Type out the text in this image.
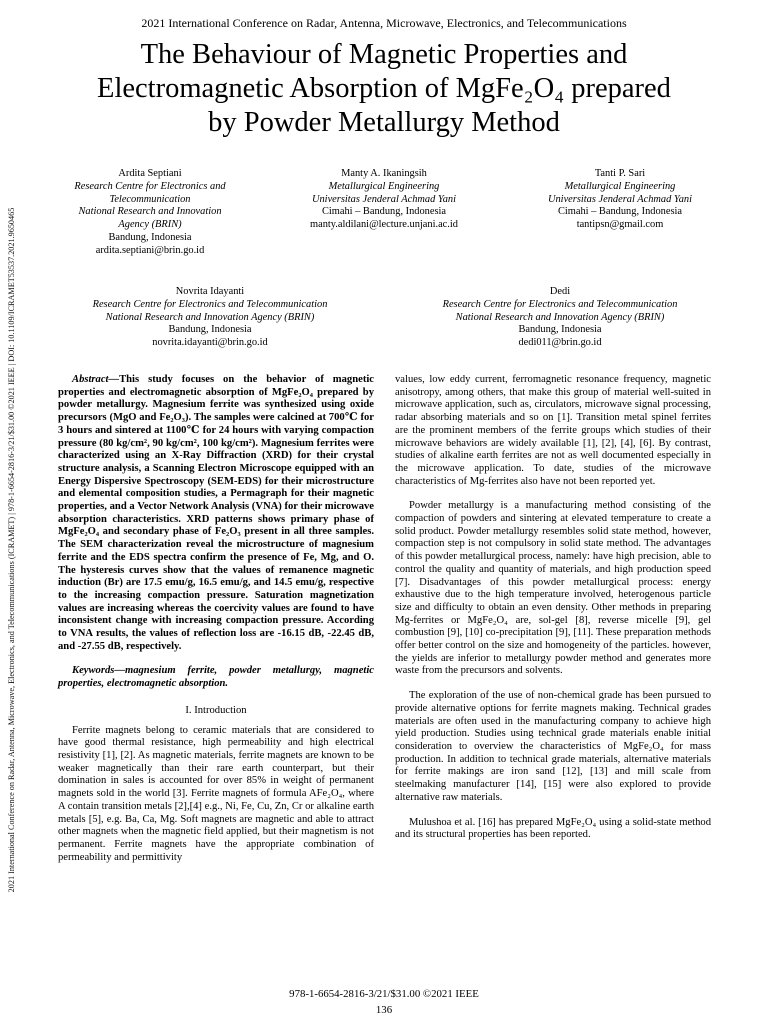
2021 International Conference on Radar, Antenna, Microwave, Electronics, and Telecommunications
The Behaviour of Magnetic Properties and
Electromagnetic Absorption of MgFe₂O₄ prepared
by Powder Metallurgy Method
2021 International Conference on Radar, Antenna, Microwave, Electronics, and Telecommunications (ICRAMET) | 978-1-6654-2816-3/21/$31.00 ©2021 IEEE | DOI: 10.1109/ICRAMET53537.2021.9650465
Ardita Septiani
Research Centre for Electronics and
Telecommunication
National Research and Innovation
Agency (BRIN)
Bandung, Indonesia
ardita.septiani@brin.go.id
Manty A. Ikaningsih
Metallurgical Engineering
Universitas Jenderal Achmad Yani
Cimahi – Bandung, Indonesia
manty.aldilani@lecture.unjani.ac.id
Tanti P. Sari
Metallurgical Engineering
Universitas Jenderal Achmad Yani
Cimahi – Bandung, Indonesia
tantipsn@gmail.com
Novrita Idayanti
Research Centre for Electronics and Telecommunication
National Research and Innovation Agency (BRIN)
Bandung, Indonesia
novrita.idayanti@brin.go.id
Dedi
Research Centre for Electronics and Telecommunication
National Research and Innovation Agency (BRIN)
Bandung, Indonesia
dedi011@brin.go.id

Abstract—This study focuses on the behavior of magnetic properties and electromagnetic absorption of MgFe₂O₄ prepared by powder metallurgy. Magnesium ferrite was synthesized using oxide precursors (MgO and Fe₂O₃). The samples were calcined at 700℃ for 3 hours and sintered at 1100℃ for 24 hours with varying compaction pressure (80 kg/cm², 90 kg/cm², 100 kg/cm²). Magnesium ferrites were characterized using an X-Ray Diffraction (XRD) for their crystal structure analysis, a Scanning Electron Microscope equipped with an Energy Dispersive Spectroscopy (SEM-EDS) for their microstructure and elemental composition studies, a Permagraph for their magnetic properties, and a Vector Network Analysis (VNA) for their microwave absorption characteristics. XRD patterns shows primary phase of MgFe₂O₄ and secondary phase of Fe₂O₃ present in all three samples. The SEM characterization reveal the microstructure of magnesium ferrite and the EDS spectra confirm the presence of Fe, Mg, and O. The hysteresis curves show that the values of remanence magnetic induction (Br) are 17.5 emu/g, 16.5 emu/g, and 14.5 emu/g, respective to the increasing compaction pressure. Saturation magnetization values are increasing whereas the coercivity values are found to have inconsistent change with increasing compaction pressure. According to VNA results, the values of reflection loss are -16.15 dB, -22.45 dB, and -27.55 dB, respectively.

Keywords—magnesium ferrite, powder metallurgy, magnetic properties, electromagnetic absorption.

I. Introduction

Ferrite magnets belong to ceramic materials that are considered to have good thermal resistance, high permeability and high electrical resistivity [1], [2]. As magnetic materials, ferrite magnets are known to be weaker magnetically than their rare earth counterpart, but their domination in sales is accounted for over 85% in weight of permanent magnets sold in the world [3]. Ferrite magnets of formula AFe₂O₄, where A contain transition metals [2],[4] e.g., Ni, Fe, Cu, Zn, Cr or alkaline earth metals [5], e.g. Ba, Ca, Mg. Soft magnets are magnetic and able to attract other magnets when the magnetic field applied, but their magnetism is not permanent. Ferrite magnets have the appropriate combination of permeability and permittivity

values, low eddy current, ferromagnetic resonance frequency, magnetic anisotropy, among others, that make this group of material well-suited in microwave application, such as, circulators, microwave signal processing, radar absorbing materials and so on [1]. Transition metal spinel ferrites are the prominent members of the ferrite groups which studies of their microwave behaviors are widely available [1], [2], [4], [6]. By contrast, studies of alkaline earth ferrites are not as well documented especially in the microwave application. To date, studies of the microwave characteristics of Mg-ferrites also have not been reported yet.

Powder metallurgy is a manufacturing method consisting of the compaction of powders and sintering at elevated temperature to create a solid product. Powder metallurgy resembles solid state method, however, compaction step is not compulsory in solid state method. The advantages of this powder metallurgical process, namely: have high precision, able to control the quality and quantity of materials, and high production speed [7]. Disadvantages of this powder metallurgical process: energy exhaustive due to the high temperature involved, heterogenous particle size and difficulty to obtain an even density. Other methods in preparing Mg-ferrites or MgFe₂O₄ are, sol-gel [8], reverse micelle [9], gel combustion [9], [10] co-precipitation [9], [11]. These preparation methods offer better control on the size and homogeneity of the particles. however, the yields are inferior to metallurgy powder method and generates more waste from the precursors and solvents.

The exploration of the use of non-chemical grade has been pursued to provide alternative options for ferrite magnets making. Technical grades materials are often used in the manufacturing company to achieve high yield production. Studies using technical grade materials enable initial consideration to overview the characteristics of MgFe₂O₄ for mass production. In addition to technical grade materials, alternative materials for ferrite makings are iron sand [12], [13] and mill scale from steelmaking manufacturer [14], [15] were also explored to provide alternative raw materials.

Mulushoa et al. [16] has prepared MgFe₂O₄ using a solid-state method and its structural properties has been reported.

978-1-6654-2816-3/21/$31.00 ©2021 IEEE
136
